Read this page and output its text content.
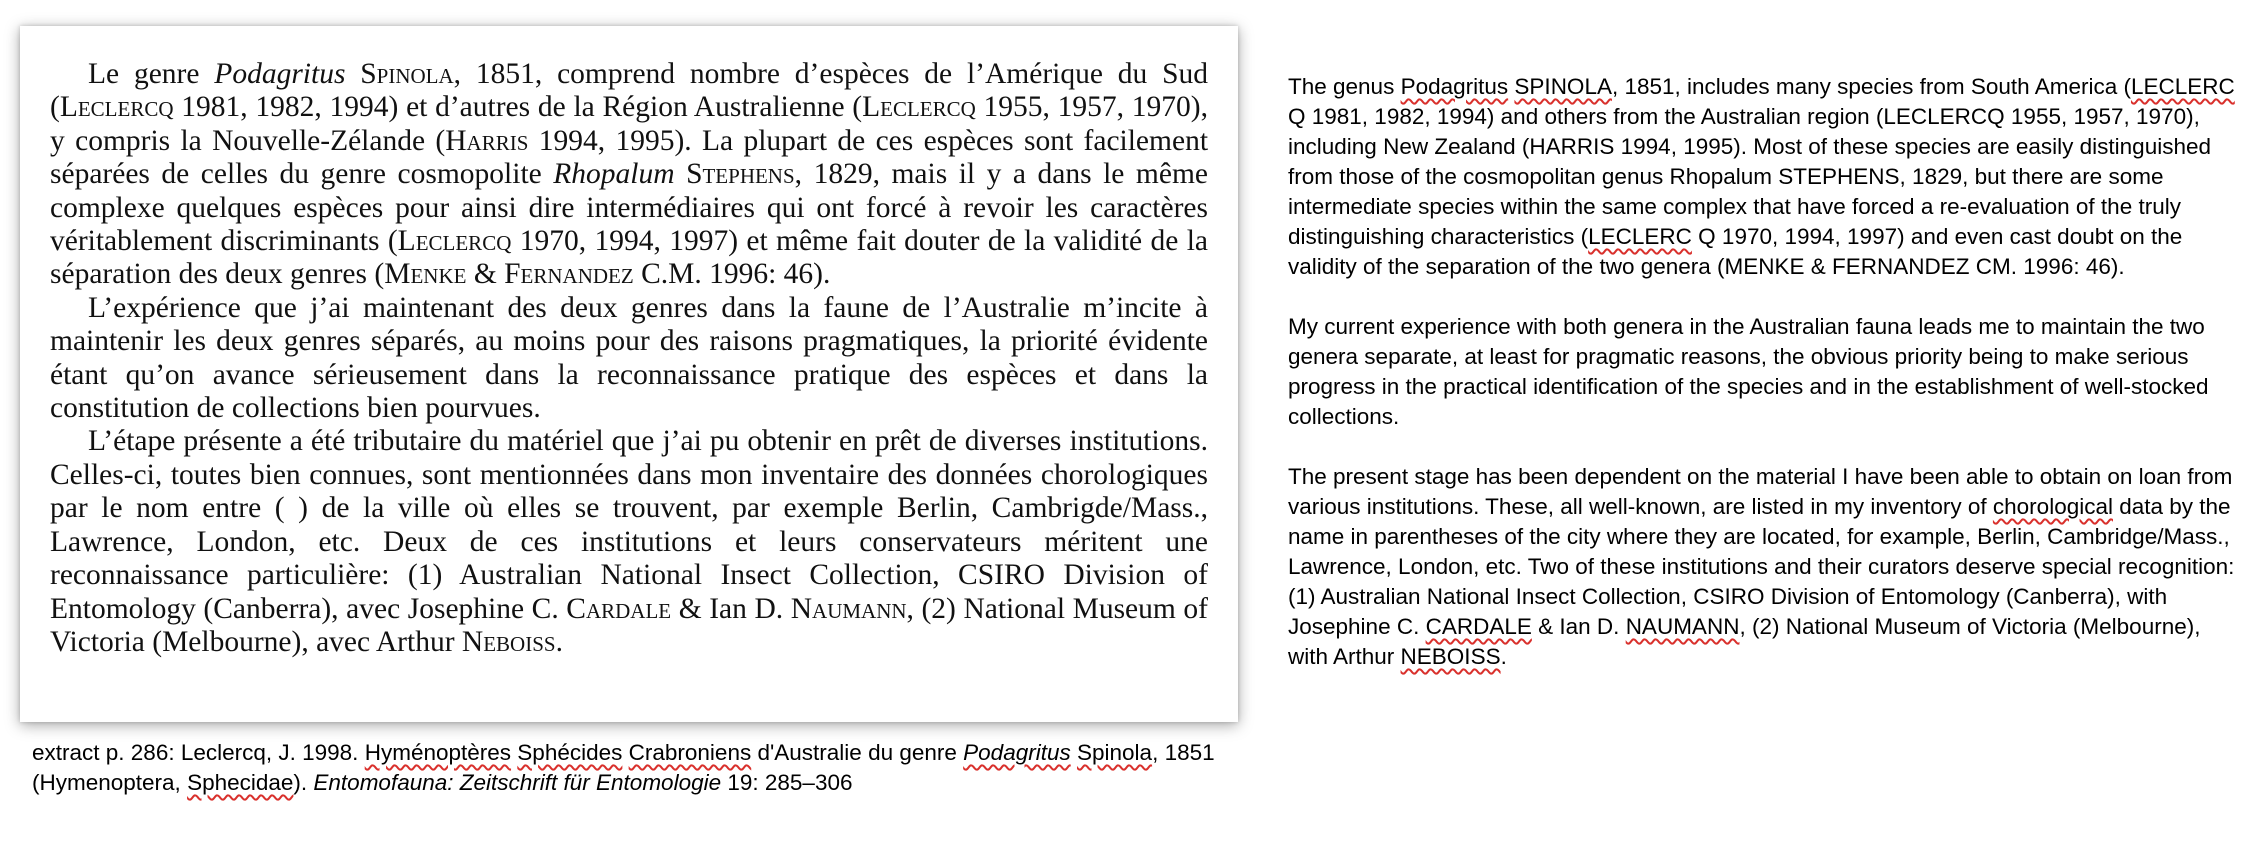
Le genre Podagritus Spinola, 1851, comprend nombre d’espèces de l’Amérique du Sud (Leclercq 1981, 1982, 1994) et d’autres de la Région Australienne (Leclercq 1955, 1957, 1970), y compris la Nouvelle-Zélande (Harris 1994, 1995). La plupart de ces espèces sont facilement séparées de celles du genre cosmopolite Rhopalum Stephens, 1829, mais il y a dans le même complexe quelques espèces pour ainsi dire intermédiaires qui ont forcé à revoir les caractères véritablement discriminants (Leclercq 1970, 1994, 1997) et même fait douter de la validité de la séparation des deux genres (Menke & Fernandez C.M. 1996: 46).

L’expérience que j’ai maintenant des deux genres dans la faune de l’Australie m’incite à maintenir les deux genres séparés, au moins pour des raisons pragmatiques, la priorité évidente étant qu’on avance sérieusement dans la reconnaissance pratique des espèces et dans la constitution de collections bien pourvues.

L’étape présente a été tributaire du matériel que j’ai pu obtenir en prêt de diverses institutions. Celles-ci, toutes bien connues, sont mentionnées dans mon inventaire des données chorologiques par le nom entre ( ) de la ville où elles se trouvent, par exemple Berlin, Cambrigde/Mass., Lawrence, London, etc. Deux de ces institutions et leurs conservateurs méritent une reconnaissance particulière: (1) Australian National Insect Collection, CSIRO Division of Entomology (Canberra), avec Josephine C. Cardale & Ian D. Naumann, (2) National Museum of Victoria (Melbourne), avec Arthur Neboiss.

extract p. 286: Leclercq, J. 1998. Hyménoptères Sphécides Crabroniens d'Australie du genre Podagritus Spinola, 1851 (Hymenoptera, Sphecidae). Entomofauna: Zeitschrift für Entomologie 19: 285–306

The genus Podagritus SPINOLA, 1851, includes many species from South America (LECLERC Q 1981, 1982, 1994) and others from the Australian region (LECLERCQ 1955, 1957, 1970), including New Zealand (HARRIS 1994, 1995). Most of these species are easily distinguished from those of the cosmopolitan genus Rhopalum STEPHENS, 1829, but there are some intermediate species within the same complex that have forced a re-evaluation of the truly distinguishing characteristics (LECLERC Q 1970, 1994, 1997) and even cast doubt on the validity of the separation of the two genera (MENKE & FERNANDEZ CM. 1996: 46).

My current experience with both genera in the Australian fauna leads me to maintain the two genera separate, at least for pragmatic reasons, the obvious priority being to make serious progress in the practical identification of the species and in the establishment of well-stocked collections.

The present stage has been dependent on the material I have been able to obtain on loan from various institutions. These, all well-known, are listed in my inventory of chorological data by the name in parentheses of the city where they are located, for example, Berlin, Cambridge/Mass., Lawrence, London, etc. Two of these institutions and their curators deserve special recognition: (1) Australian National Insect Collection, CSIRO Division of Entomology (Canberra), with Josephine C. CARDALE & Ian D. NAUMANN, (2) National Museum of Victoria (Melbourne), with Arthur NEBOISS.
